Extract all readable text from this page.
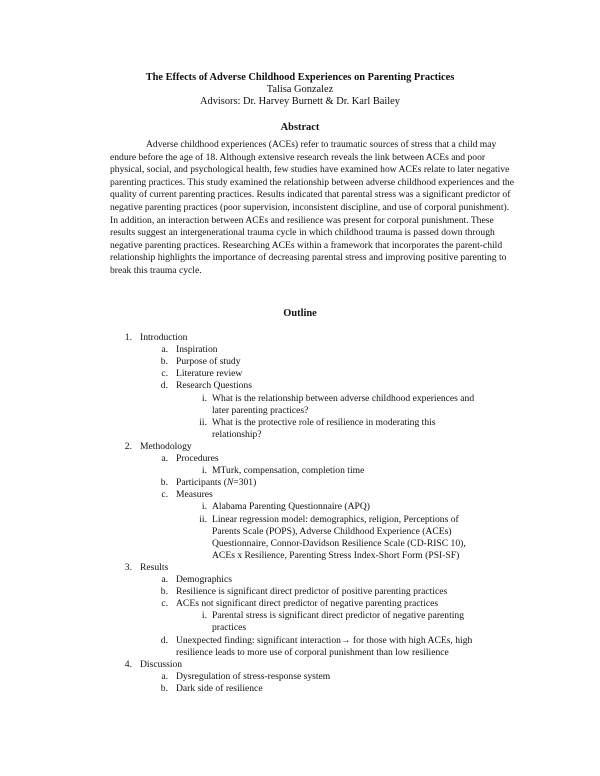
The Effects of Adverse Childhood Experiences on Parenting Practices
Talisa Gonzalez
Advisors: Dr. Harvey Burnett & Dr. Karl Bailey
Abstract
Adverse childhood experiences (ACEs) refer to traumatic sources of stress that a child may endure before the age of 18. Although extensive research reveals the link between ACEs and poor physical, social, and psychological health, few studies have examined how ACEs relate to later negative parenting practices. This study examined the relationship between adverse childhood experiences and the quality of current parenting practices. Results indicated that parental stress was a significant predictor of negative parenting practices (poor supervision, inconsistent discipline, and use of corporal punishment). In addition, an interaction between ACEs and resilience was present for corporal punishment. These results suggest an intergenerational trauma cycle in which childhood trauma is passed down through negative parenting practices. Researching ACEs within a framework that incorporates the parent-child relationship highlights the importance of decreasing parental stress and improving positive parenting to break this trauma cycle.
Outline
1. Introduction
a. Inspiration
b. Purpose of study
c. Literature review
d. Research Questions
i. What is the relationship between adverse childhood experiences and
later parenting practices?
ii. What is the protective role of resilience in moderating this
relationship?
2. Methodology
a. Procedures
i. MTurk, compensation, completion time
b. Participants (N=301)
c. Measures
i. Alabama Parenting Questionnaire (APQ)
ii. Linear regression model: demographics, religion, Perceptions of
Parents Scale (POPS), Adverse Childhood Experience (ACEs)
Questionnaire, Connor-Davidson Resilience Scale (CD-RISC 10),
ACEs x Resilience, Parenting Stress Index-Short Form (PSI-SF)
3. Results
a. Demographics
b. Resilience is significant direct predictor of positive parenting practices
c. ACEs not significant direct predictor of negative parenting practices
i. Parental stress is significant direct predictor of negative parenting
practices
d. Unexpected finding: significant interaction→ for those with high ACEs, high
resilience leads to more use of corporal punishment than low resilience
4. Discussion
a. Dysregulation of stress-response system
b. Dark side of resilience
